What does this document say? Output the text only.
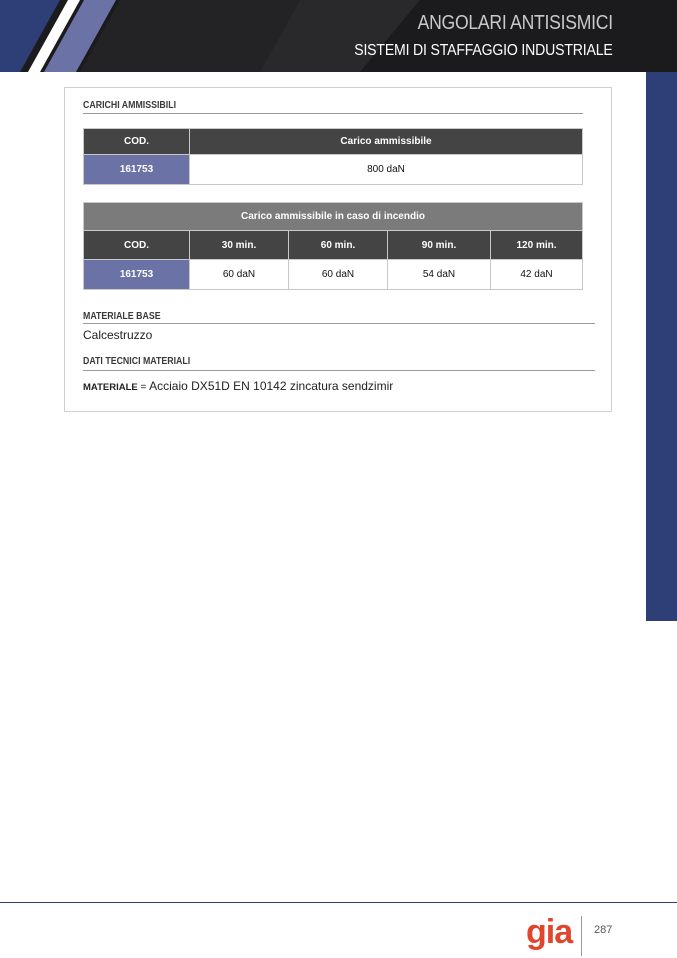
ANGOLARI ANTISISMICI
SISTEMI DI STAFFAGGIO INDUSTRIALE
CARICHI AMMISSIBILI
COD.	Carico ammissibile
161753	800 daN
Carico ammissibile in caso di incendio				
COD.	30 min.	60 min.	90 min.	120 min.
161753	60 daN	60 daN	54 daN	42 daN
MATERIALE BASE
Calcestruzzo
DATI TECNICI MATERIALI
MATERIALE = Acciaio DX51D EN 10142 zincatura sendzimir
gia 287
